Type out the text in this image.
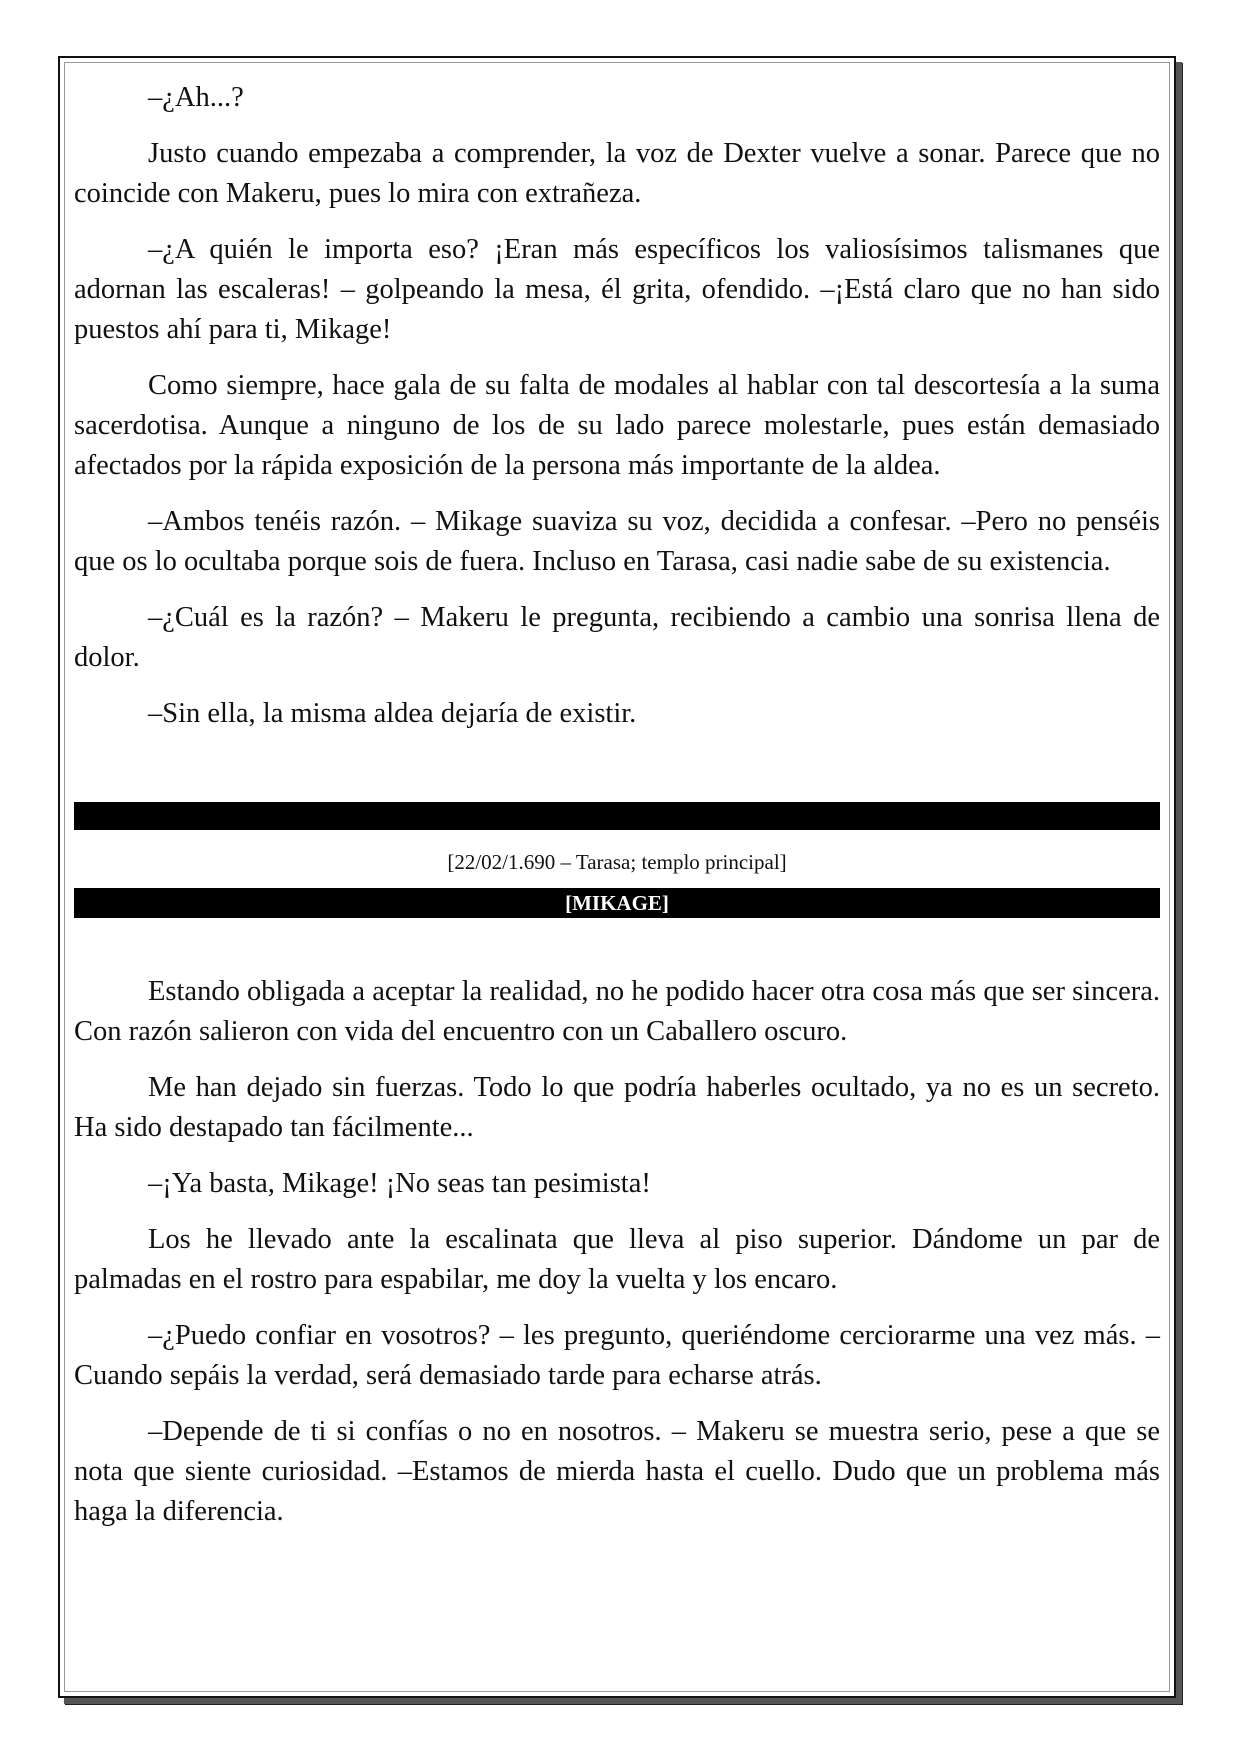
–¿Ah...?

Justo cuando empezaba a comprender, la voz de Dexter vuelve a sonar. Parece que no coincide con Makeru, pues lo mira con extrañeza.

–¿A quién le importa eso? ¡Eran más específicos los valiosísimos talismanes que adornan las escaleras! – golpeando la mesa, él grita, ofendido. –¡Está claro que no han sido puestos ahí para ti, Mikage!

Como siempre, hace gala de su falta de modales al hablar con tal descortesía a la suma sacerdotisa. Aunque a ninguno de los de su lado parece molestarle, pues están demasiado afectados por la rápida exposición de la persona más importante de la aldea.

–Ambos tenéis razón. – Mikage suaviza su voz, decidida a confesar. –Pero no penséis que os lo ocultaba porque sois de fuera. Incluso en Tarasa, casi nadie sabe de su existencia.

–¿Cuál es la razón? – Makeru le pregunta, recibiendo a cambio una sonrisa llena de dolor.

–Sin ella, la misma aldea dejaría de existir.

[22/02/1.690 – Tarasa; templo principal]
[MIKAGE]

Estando obligada a aceptar la realidad, no he podido hacer otra cosa más que ser sincera. Con razón salieron con vida del encuentro con un Caballero oscuro.

Me han dejado sin fuerzas. Todo lo que podría haberles ocultado, ya no es un secreto. Ha sido destapado tan fácilmente...

–¡Ya basta, Mikage! ¡No seas tan pesimista!

Los he llevado ante la escalinata que lleva al piso superior. Dándome un par de palmadas en el rostro para espabilar, me doy la vuelta y los encaro.

–¿Puedo confiar en vosotros? – les pregunto, queriéndome cerciorarme una vez más. –Cuando sepáis la verdad, será demasiado tarde para echarse atrás.

–Depende de ti si confías o no en nosotros. – Makeru se muestra serio, pese a que se nota que siente curiosidad. –Estamos de mierda hasta el cuello. Dudo que un problema más haga la diferencia.
